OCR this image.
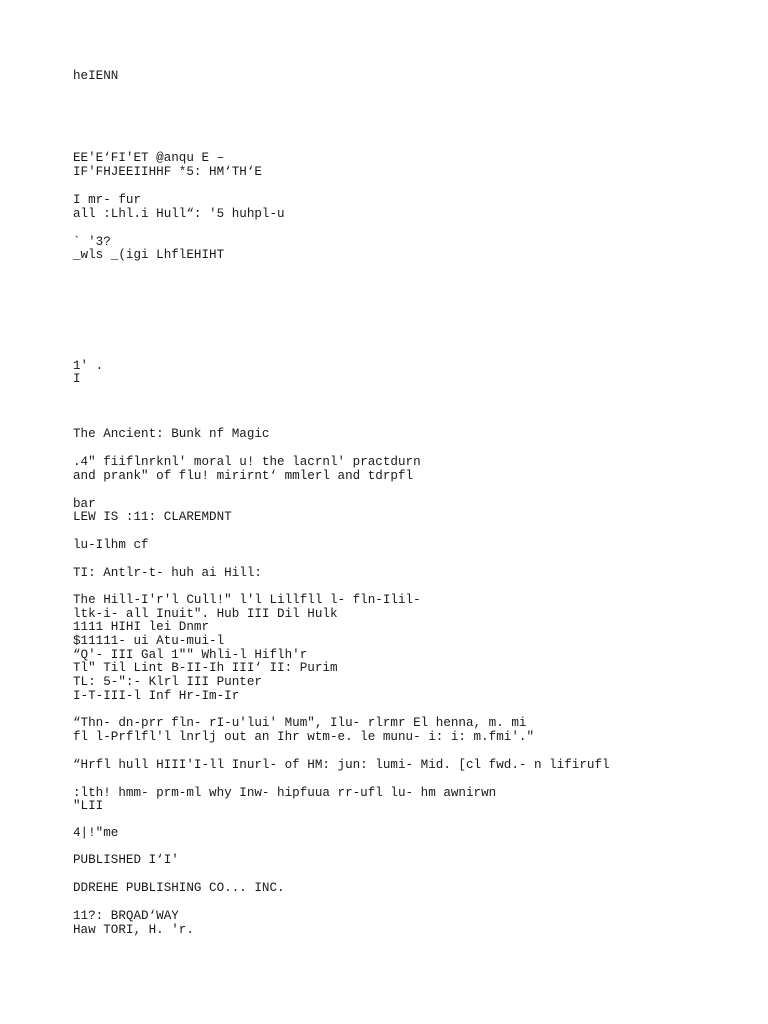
heIENN
EE'E‘FI'ET @anqu E –
IF'FHJEEIIHHF *5: HM‘TH‘E
I mr- fur
all :Lhl.i Hull“: '5 huhpl-u
` '3?
_wls _(igi LhflEHIHT
1' .
I
The Ancient: Bunk nf Magic
.4" fiiflnrknl' moral u! the lacrnl' practdurn
and prank" of flu! mirirnt‘ mmlerl and tdrpfl
bar
LEW IS :11: CLAREMDNT
lu-Ilhm cf
TI: Antlr-t- huh ai Hill:
The Hill-I'r'l Cull!" l'l Lillfll l- fln-Ilil-
ltk-i- all Inuit". Hub III Dil Hulk
1111 HIHI lei Dnmr
$11111- ui Atu-mui-l
“Q'- III Gal 1"" Whli-l Hiflh'r
Tl" Til Lint B-II-Ih III‘ II: Purim
TL: 5-":- Klrl III Punter
I-T-III-l Inf Hr-Im-Ir
“Thn- dn-prr fln- rI-u'lui' Mum", Ilu- rlrmr El henna, m. mi
fl l-Prflfl'l lnrlj out an Ihr wtm-e. le munu- i: i: m.fmi'."
“Hrfl hull HIII'I-ll Inurl- of HM: jun: lumi- Mid. [cl fwd.- n lifirufl
:lth! hmm- prm-ml why Inw- hipfuua rr-ufl lu- hm awnirwn
"LII
4|!"me
PUBLISHED I‘I'
DDREHE PUBLISHING CO... INC.
11?: BRQAD‘WAY
Haw TORI, H. 'r.
